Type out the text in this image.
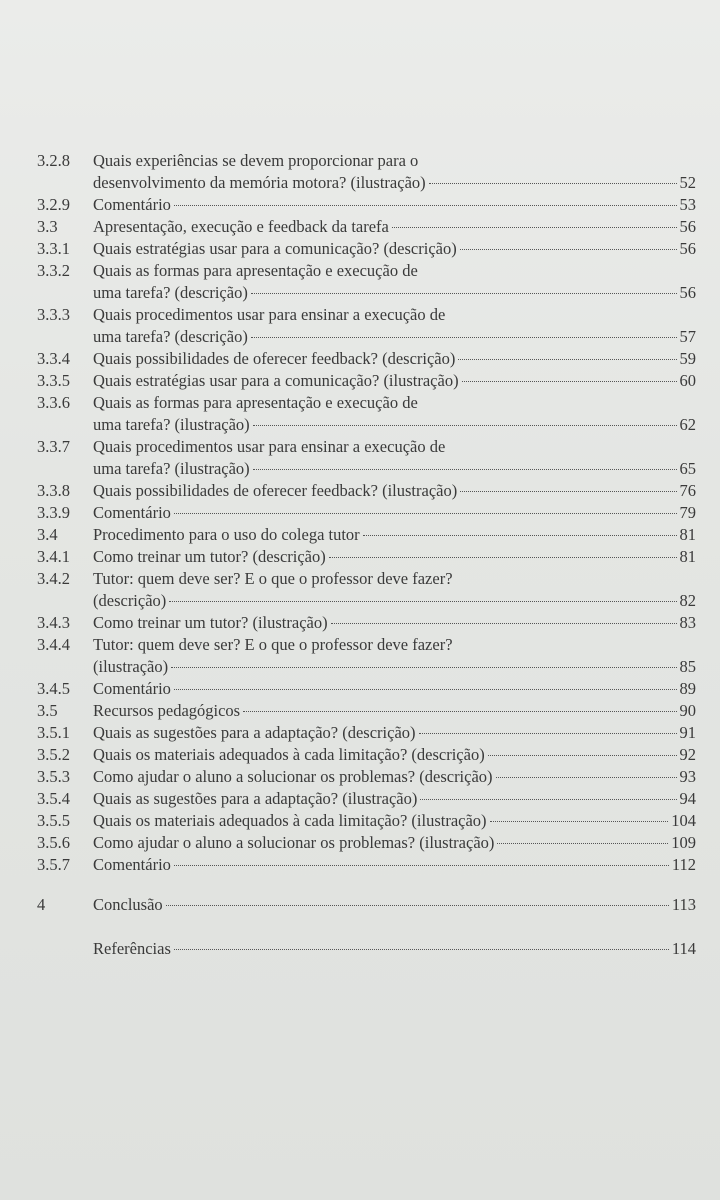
3.2.8 Quais experiências se devem proporcionar para o
desenvolvimento da memória motora? (ilustração)	52
3.2.9 Comentário	53
3.3 Apresentação, execução e feedback da tarefa	56
3.3.1 Quais estratégias usar para a comunicação? (descrição)	56
3.3.2 Quais as formas para apresentação e execução de
uma tarefa? (descrição)	56
3.3.3 Quais procedimentos usar para ensinar a execução de
uma tarefa? (descrição)	57
3.3.4 Quais possibilidades de oferecer feedback? (descrição)	59
3.3.5 Quais estratégias usar para a comunicação? (ilustração)	60
3.3.6 Quais as formas para apresentação e execução de
uma tarefa? (ilustração)	62
3.3.7 Quais procedimentos usar para ensinar a execução de
uma tarefa? (ilustração)	65
3.3.8 Quais possibilidades de oferecer feedback? (ilustração)	76
3.3.9 Comentário	79
3.4 Procedimento para o uso do colega tutor	81
3.4.1 Como treinar um tutor? (descrição)	81
3.4.2 Tutor: quem deve ser? E o que o professor deve fazer?
(descrição)	82
3.4.3 Como treinar um tutor? (ilustração)	83
3.4.4 Tutor: quem deve ser? E o que o professor deve fazer?
(ilustração)	85
3.4.5 Comentário	89
3.5 Recursos pedagógicos	90
3.5.1 Quais as sugestões para a adaptação? (descrição)	91
3.5.2 Quais os materiais adequados à cada limitação? (descrição)	92
3.5.3 Como ajudar o aluno a solucionar os problemas? (descrição)	93
3.5.4 Quais as sugestões para a adaptação? (ilustração)	94
3.5.5 Quais os materiais adequados à cada limitação? (ilustração)	104
3.5.6 Como ajudar o aluno a solucionar os problemas? (ilustração)	109
3.5.7 Comentário	112
4	Conclusão	113
Referências	114
